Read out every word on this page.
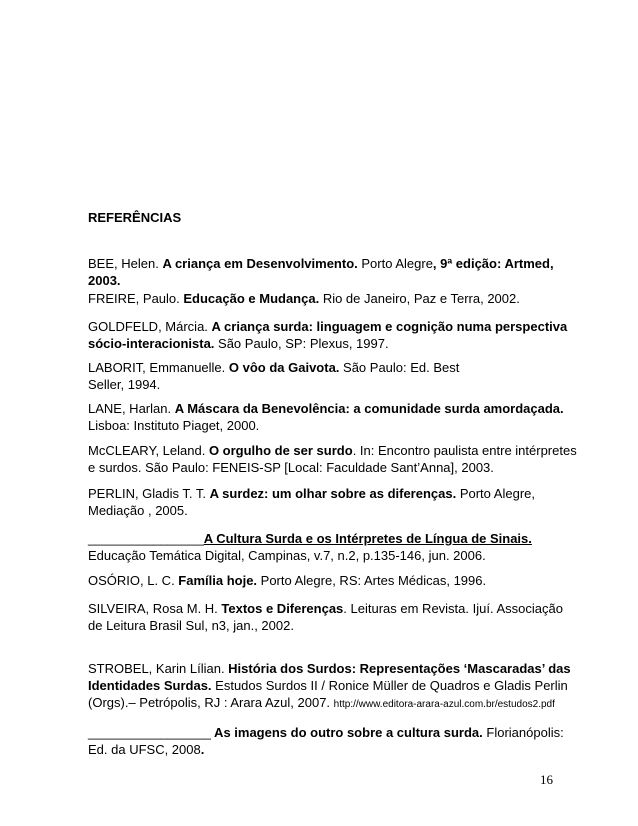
REFERÊNCIAS

BEE, Helen. A criança em Desenvolvimento. Porto Alegre, 9ª edição: Artmed, 2003.

FREIRE, Paulo. Educação e Mudança. Rio de Janeiro, Paz e Terra, 2002.

GOLDFELD, Márcia. A criança surda: linguagem e cognição numa perspectiva sócio-interacionista. São Paulo, SP: Plexus, 1997.

LABORIT, Emmanuelle. O vôo da Gaivota. São Paulo: Ed. Best Seller, 1994.

LANE, Harlan. A Máscara da Benevolência: a comunidade surda amordaçada. Lisboa: Instituto Piaget, 2000.

McCLEARY, Leland. O orgulho de ser surdo. In: Encontro paulista entre intérpretes e surdos. São Paulo: FENEIS-SP [Local: Faculdade Sant’Anna], 2003.

PERLIN, Gladis T. T. A surdez: um olhar sobre as diferenças. Porto Alegre, Mediação , 2005.

________________A Cultura Surda e os Intérpretes de Língua de Sinais. Educação Temática Digital, Campinas, v.7, n.2, p.135-146, jun. 2006.

OSÓRIO, L. C. Família hoje. Porto Alegre, RS: Artes Médicas, 1996.

SILVEIRA, Rosa M. H. Textos e Diferenças. Leituras em Revista. Ijuí. Associação de Leitura Brasil Sul, n3, jan., 2002.

STROBEL, Karin Lílian. História dos Surdos: Representações ‘Mascaradas’ das Identidades Surdas. Estudos Surdos II / Ronice Müller de Quadros e Gladis Perlin (Orgs).– Petrópolis, RJ : Arara Azul, 2007. http://www.editora-arara-azul.com.br/estudos2.pdf

_________________ As imagens do outro sobre a cultura surda. Florianópolis: Ed. da UFSC, 2008.

16
